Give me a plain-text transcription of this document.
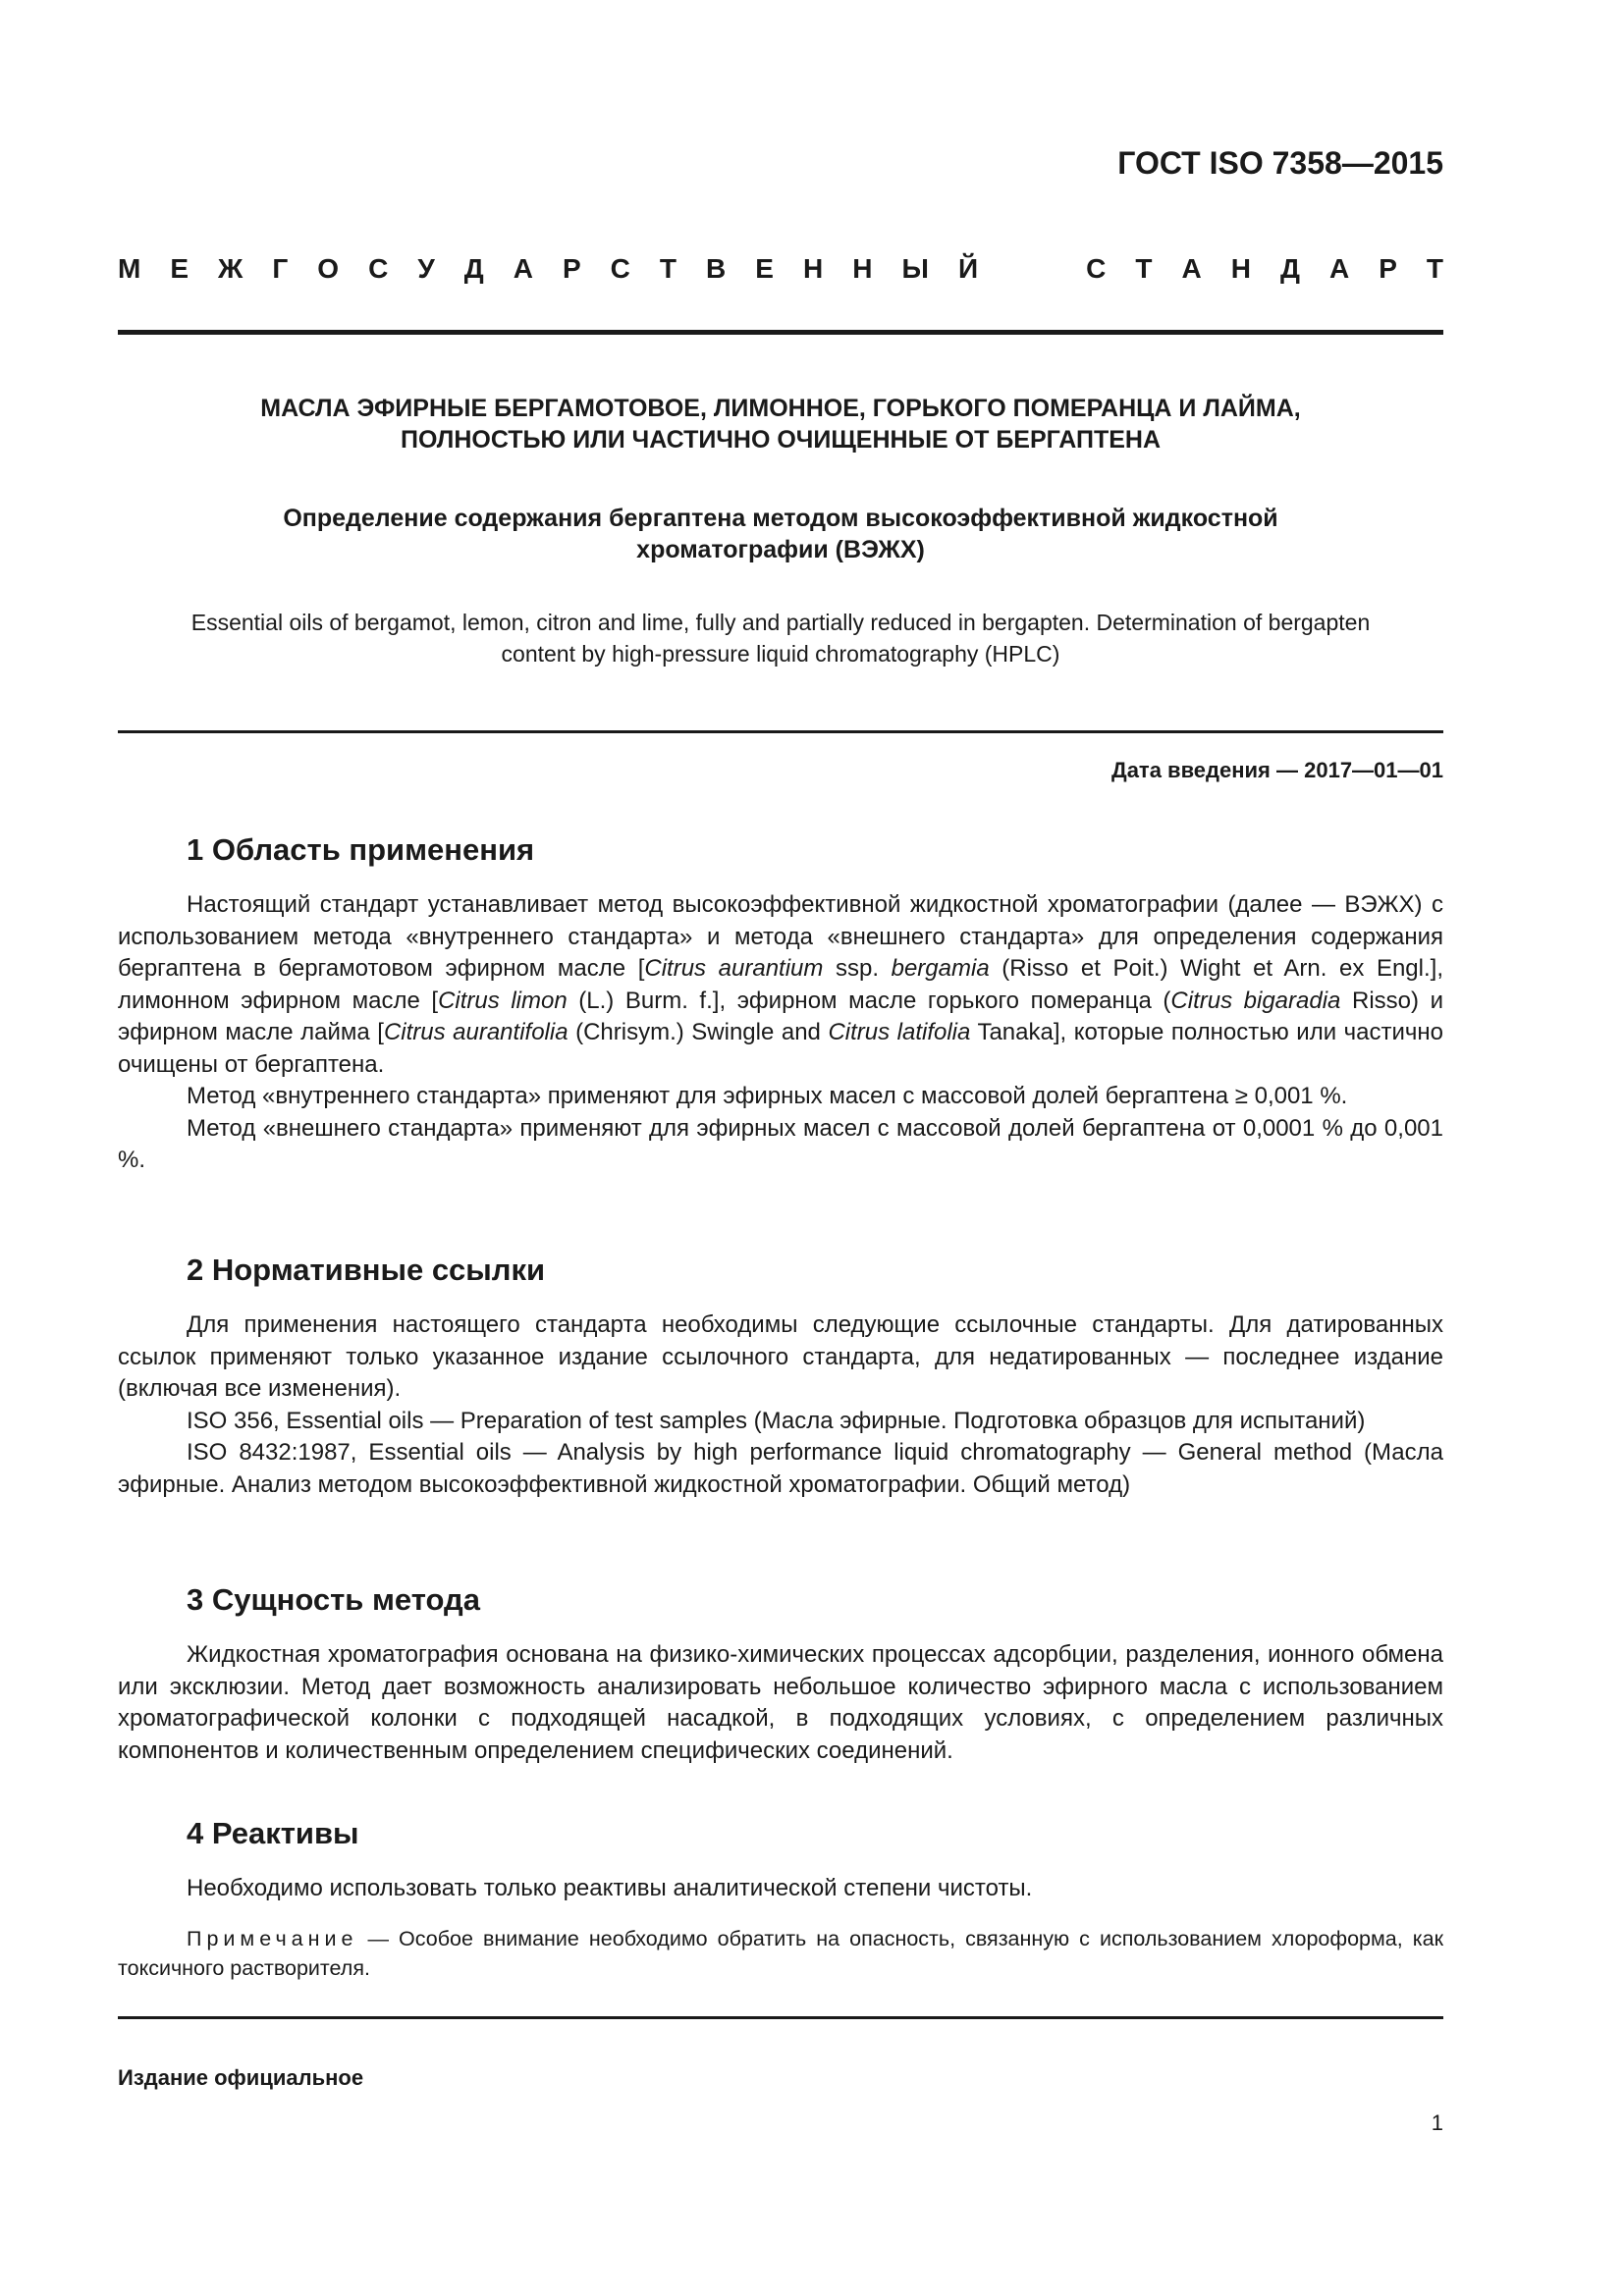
ГОСТ ISO 7358—2015
М Е Ж Г О С У Д А Р С Т В Е Н Н Ы Й	С Т А Н Д А Р Т
МАСЛА ЭФИРНЫЕ БЕРГАМОТОВОЕ, ЛИМОННОЕ, ГОРЬКОГО ПОМЕРАНЦА И ЛАЙМА,
ПОЛНОСТЬЮ ИЛИ ЧАСТИЧНО ОЧИЩЕННЫЕ ОТ БЕРГАПТЕНА
Определение содержания бергаптена методом высокоэффективной жидкостной
хроматографии (ВЭЖХ)
Essential oils of bergamot, lemon, citron and lime, fully and partially reduced in bergapten. Determination of bergapten
content by high-pressure liquid chromatography (HPLC)
Дата введения — 2017—01—01
1 Область применения

Настоящий стандарт устанавливает метод высокоэффективной жидкостной хроматографии (далее — ВЭЖХ) с использованием метода «внутреннего стандарта» и метода «внешнего стандарта» для определения содержания бергаптена в бергамотовом эфирном масле [Citrus aurantium ssp. bergamia (Risso et Poit.) Wight et Arn. ex Engl.], лимонном эфирном масле [Citrus limon (L.) Burm. f.], эфирном масле горького померанца (Citrus bigaradia Risso) и эфирном масле лайма [Citrus aurantifolia (Chrisym.) Swingle and Citrus latifolia Tanaka], которые полностью или частично очищены от бергаптена.

Метод «внутреннего стандарта» применяют для эфирных масел с массовой долей бергаптена ≥ 0,001 %.

Метод «внешнего стандарта» применяют для эфирных масел с массовой долей бергаптена от 0,0001 % до 0,001 %.

2 Нормативные ссылки

Для применения настоящего стандарта необходимы следующие ссылочные стандарты. Для датированных ссылок применяют только указанное издание ссылочного стандарта, для недатированных — последнее издание (включая все изменения).

ISO 356, Essential oils — Preparation of test samples (Масла эфирные. Подготовка образцов для испытаний)

ISO 8432:1987, Essential oils — Analysis by high performance liquid chromatography — General method (Масла эфирные. Анализ методом высокоэффективной жидкостной хроматографии. Общий метод)

3 Сущность метода

Жидкостная хроматография основана на физико-химических процессах адсорбции, разделения, ионного обмена или эксклюзии. Метод дает возможность анализировать небольшое количество эфирного масла с использованием хроматографической колонки с подходящей насадкой, в подходящих условиях, с определением различных компонентов и количественным определением специфических соединений.

4 Реактивы

Необходимо использовать только реактивы аналитической степени чистоты.

Примечание — Особое внимание необходимо обратить на опасность, связанную с использованием хлороформа, как токсичного растворителя.

Издание официальное
1
